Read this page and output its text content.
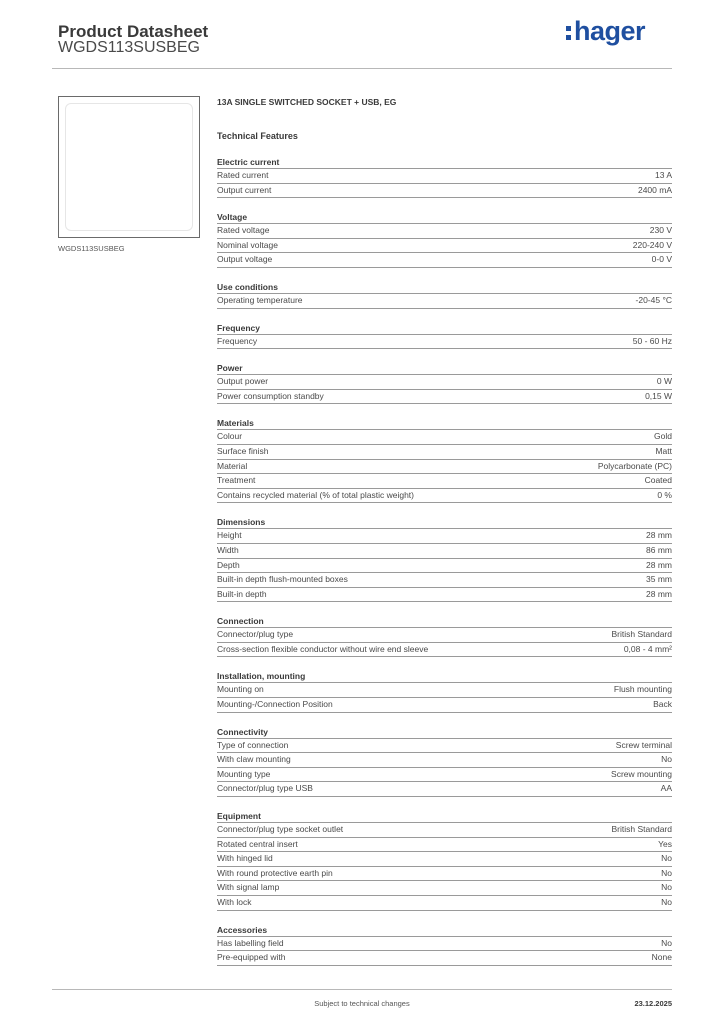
Product Datasheet
WGDS113SUSBEG
hager
WGDS113SUSBEG
13A SINGLE SWITCHED SOCKET + USB, EG
Technical Features
Electric current
Rated current	13 A
Output current	2400 mA
Voltage
Rated voltage	230 V
Nominal voltage	220-240 V
Output voltage	0-0 V
Use conditions
Operating temperature	-20-45 °C
Frequency
Frequency	50 - 60 Hz
Power
Output power	0 W
Power consumption standby	0,15 W
Materials
Colour	Gold
Surface finish	Matt
Material	Polycarbonate (PC)
Treatment	Coated
Contains recycled material (% of total plastic weight)	0 %
Dimensions
Height	28 mm
Width	86 mm
Depth	28 mm
Built-in depth flush-mounted boxes	35 mm
Built-in depth	28 mm
Connection
Connector/plug type	British Standard
Cross-section flexible conductor without wire end sleeve	0,08 - 4 mm²
Installation, mounting
Mounting on	Flush mounting
Mounting-/Connection Position	Back
Connectivity
Type of connection	Screw terminal
With claw mounting	No
Mounting type	Screw mounting
Connector/plug type USB	AA
Equipment
Connector/plug type socket outlet	British Standard
Rotated central insert	Yes
With hinged lid	No
With round protective earth pin	No
With signal lamp	No
With lock	No
Accessories
Has labelling field	No
Pre-equipped with	None
Subject to technical changes	23.12.2025
